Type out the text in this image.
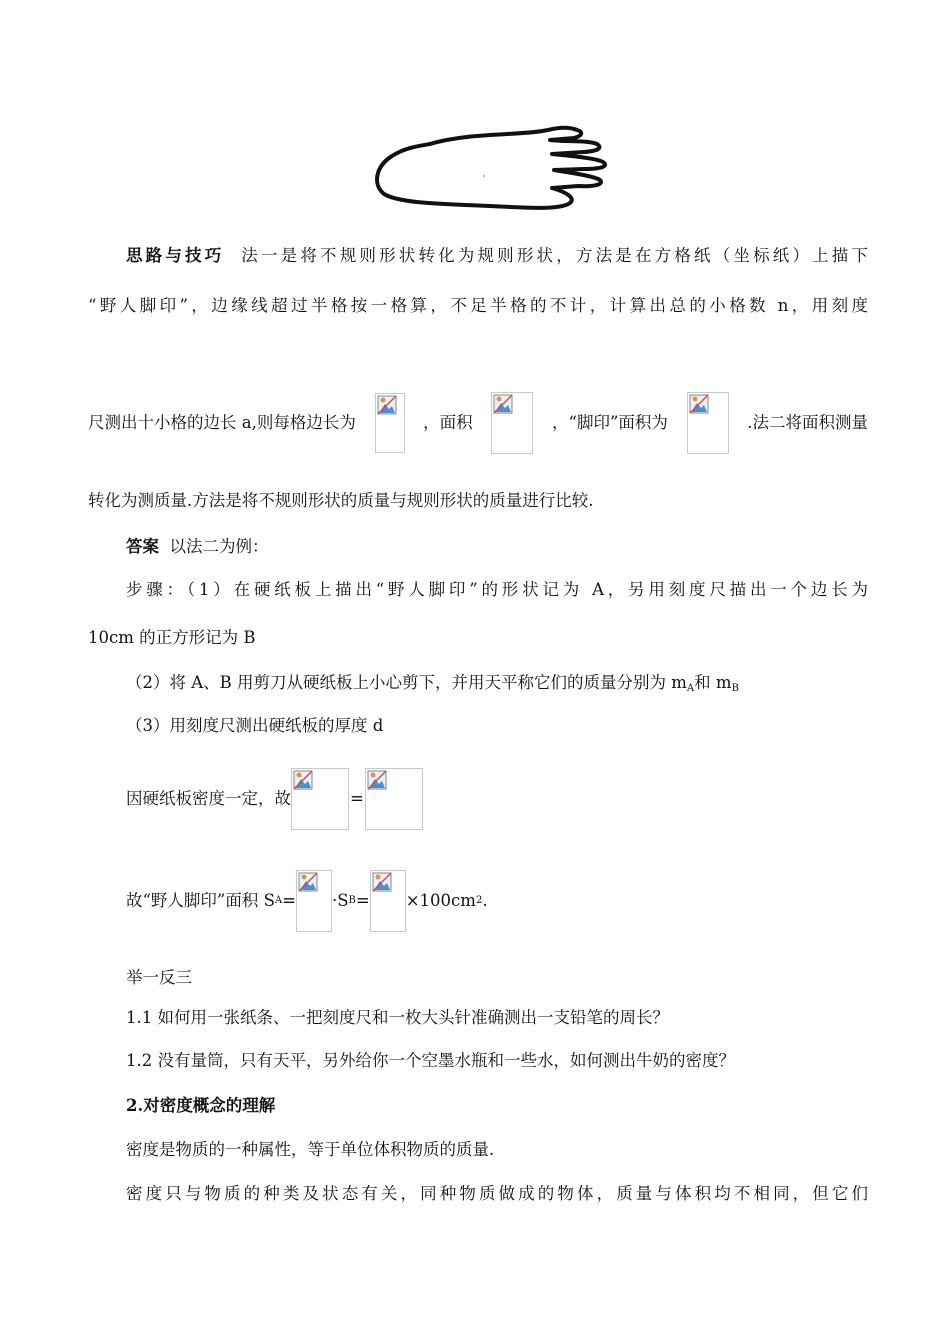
思路与技巧 法一是将不规则形状转化为规则形状，方法是在方格纸（坐标纸）上描下
“野人脚印”，边缘线超过半格按一格算，不足半格的不计，计算出总的小格数 n，用刻度
尺测出十小格的边长 a,则每格边长为	，面积	，“脚印”面积为	.法二将面积测量
转化为测质量.方法是将不规则形状的质量与规则形状的质量进行比较.
答案 以法二为例：
步骤：（1）在硬纸板上描出“野人脚印”的形状记为 A，另用刻度尺描出一个边长为
10cm 的正方形记为 B
（2）将 A、B 用剪刀从硬纸板上小心剪下，并用天平称它们的质量分别为 $m_A$和 $m_B$
（3）用刻度尺测出硬纸板的厚度 d
因硬纸板密度一定，故	=
故“野人脚印”面积 S A = ·S B = ×100cm 2 .
举一反三
1.1 如何用一张纸条、一把刻度尺和一枚大头针准确测出一支铅笔的周长？
1.2 没有量筒，只有天平，另外给你一个空墨水瓶和一些水，如何测出牛奶的密度？
2.对密度概念的理解
密度是物质的一种属性，等于单位体积物质的质量.
密度只与物质的种类及状态有关，同种物质做成的物体，质量与体积均不相同，但它们
